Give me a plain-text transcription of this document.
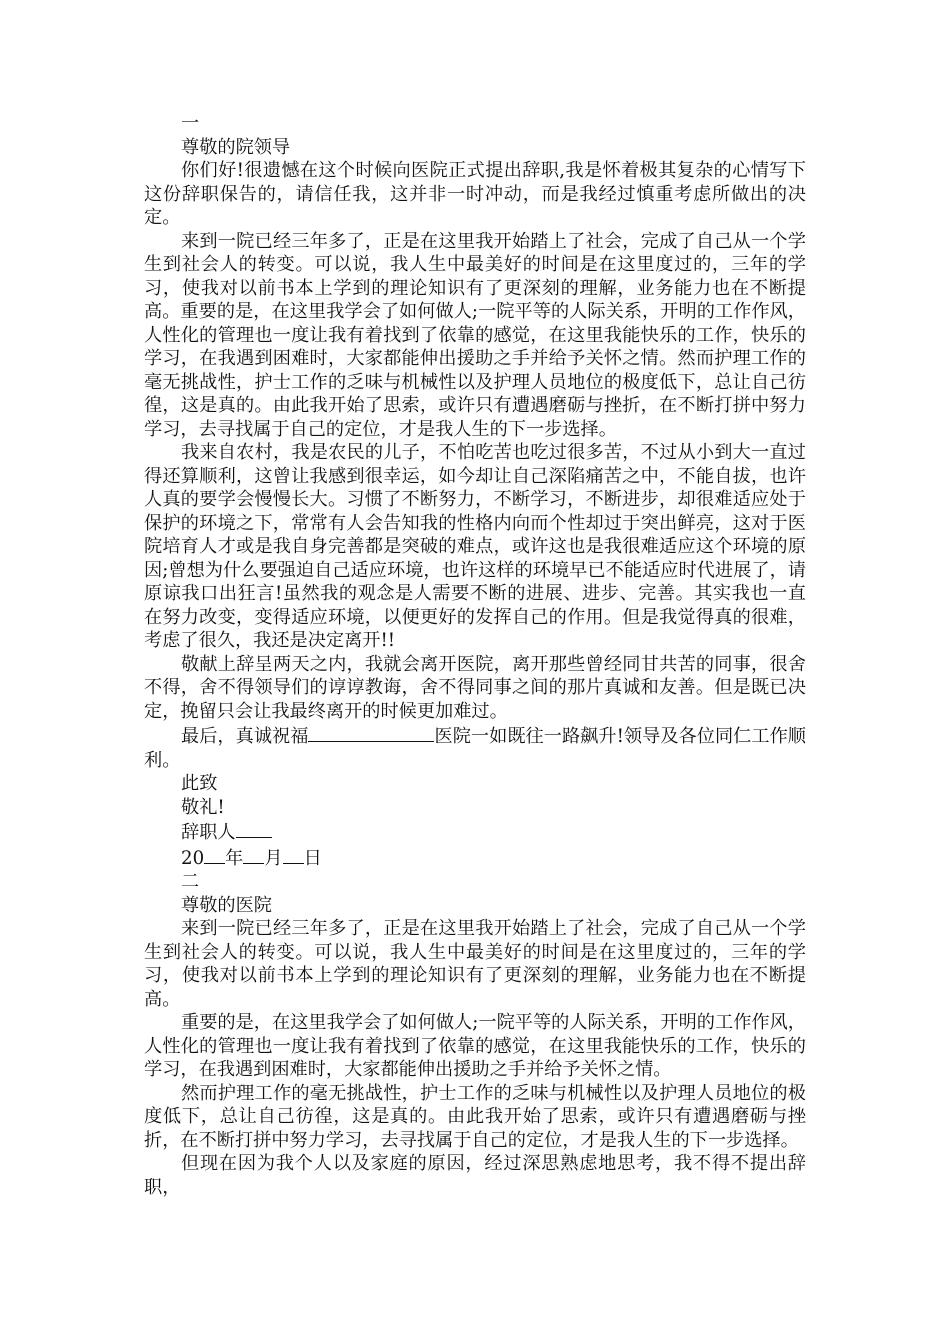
一

尊敬的院领导

你们好!很遗憾在这个时候向医院正式提出辞职,我是怀着极其复杂的心情写下这份辞职保告的，请信任我，这并非一时冲动，而是我经过慎重考虑所做出的决定。

来到一院已经三年多了，正是在这里我开始踏上了社会，完成了自己从一个学生到社会人的转变。可以说，我人生中最美好的时间是在这里度过的，三年的学习，使我对以前书本上学到的理论知识有了更深刻的理解，业务能力也在不断提高。重要的是，在这里我学会了如何做人;一院平等的人际关系，开明的工作作风，人性化的管理也一度让我有着找到了依靠的感觉，在这里我能快乐的工作，快乐的学习，在我遇到困难时，大家都能伸出援助之手并给予关怀之情。然而护理工作的毫无挑战性，护士工作的乏味与机械性以及护理人员地位的极度低下，总让自己彷徨，这是真的。由此我开始了思索，或许只有遭遇磨砺与挫折，在不断打拼中努力学习，去寻找属于自己的定位，才是我人生的下一步选择。

我来自农村，我是农民的儿子，不怕吃苦也吃过很多苦，不过从小到大一直过得还算顺利，这曾让我感到很幸运，如今却让自己深陷痛苦之中，不能自拔，也许人真的要学会慢慢长大。习惯了不断努力，不断学习，不断进步，却很难适应处于保护的环境之下，常常有人会告知我的性格内向而个性却过于突出鲜亮，这对于医院培育人才或是我自身完善都是突破的难点，或许这也是我很难适应这个环境的原因;曾想为什么要强迫自己适应环境，也许这样的环境早已不能适应时代进展了，请原谅我口出狂言!虽然我的观念是人需要不断的进展、进步、完善。其实我也一直在努力改变，变得适应环境，以便更好的发挥自己的作用。但是我觉得真的很难，考虑了很久，我还是决定离开!!

敬献上辞呈两天之内，我就会离开医院，离开那些曾经同甘共苦的同事，很舍不得，舍不得领导们的谆谆教诲，舍不得同事之间的那片真诚和友善。但是既已决定，挽留只会让我最终离开的时候更加难过。

最后，真诚祝福	医院一如既往一路飙升!领导及各位同仁工作顺利。

此致

敬礼!

辞职人

20 年 月 日

二

尊敬的医院

来到一院已经三年多了，正是在这里我开始踏上了社会，完成了自己从一个学生到社会人的转变。可以说，我人生中最美好的时间是在这里度过的，三年的学习，使我对以前书本上学到的理论知识有了更深刻的理解，业务能力也在不断提高。

重要的是，在这里我学会了如何做人;一院平等的人际关系，开明的工作作风，人性化的管理也一度让我有着找到了依靠的感觉，在这里我能快乐的工作，快乐的学习，在我遇到困难时，大家都能伸出援助之手并给予关怀之情。

然而护理工作的毫无挑战性，护士工作的乏味与机械性以及护理人员地位的极度低下，总让自己彷徨，这是真的。由此我开始了思索，或许只有遭遇磨砺与挫折，在不断打拼中努力学习，去寻找属于自己的定位，才是我人生的下一步选择。

但现在因为我个人以及家庭的原因，经过深思熟虑地思考，我不得不提出辞职，
